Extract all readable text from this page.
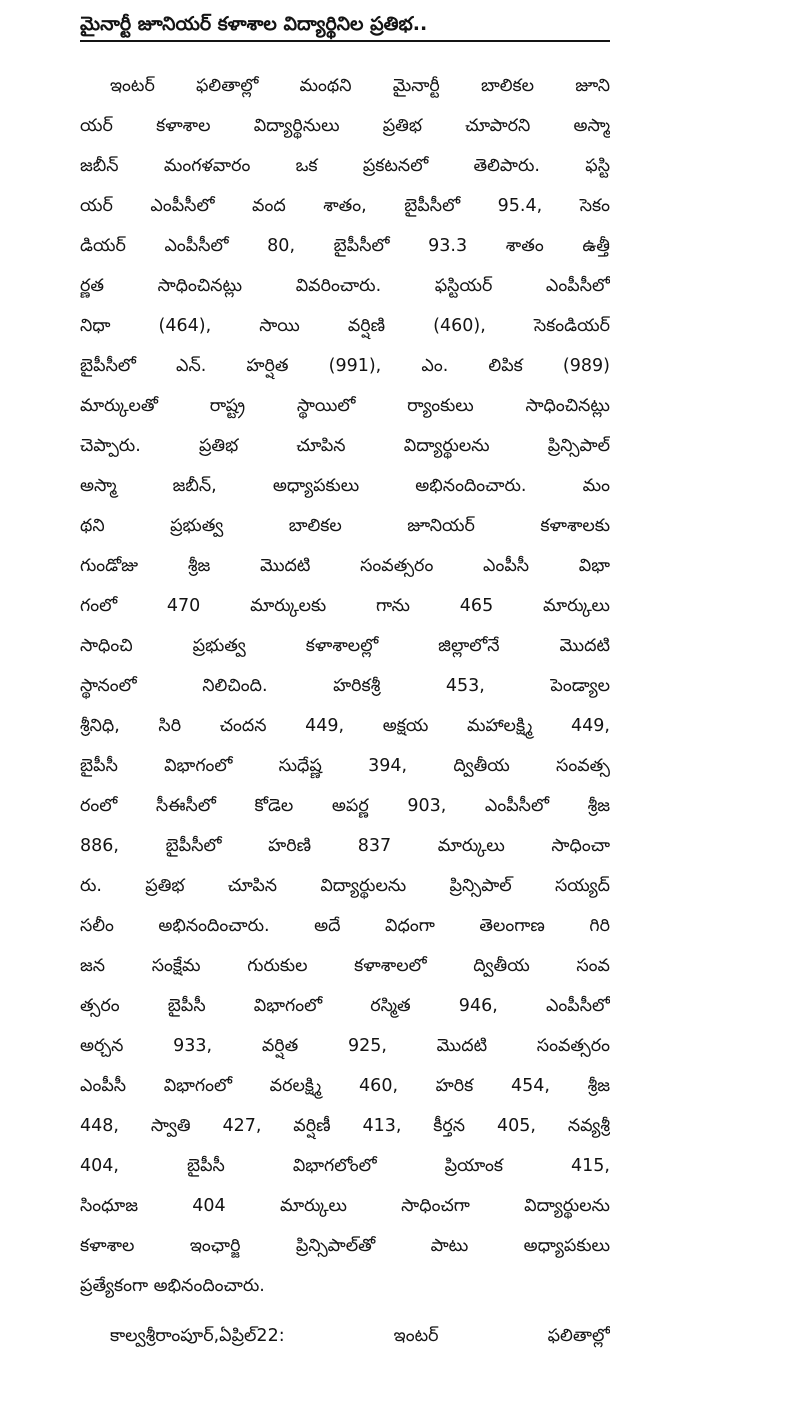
మైనార్టీ జూనియర్ కళాశాల విద్యార్థినిల ప్రతిభ..
ఇంటర్ ఫలితాల్లో మంథని మైనార్టీ బాలికల జూని
యర్ కళాశాల విద్యార్థినులు ప్రతిభ చూపారని అస్మా
జబీన్ మంగళవారం ఒక ప్రకటనలో తెలిపారు. ఫస్టి
యర్ ఎంపీసీలో వంద శాతం, బైపీసీలో 95.4, సెకం
డియర్ ఎంపీసీలో 80, బైపీసీలో 93.3 శాతం ఉత్తీ
ర్ణత సాధించినట్లు వివరించారు. ఫస్టియర్ ఎంపీసీలో
నిధా (464), సాయి వర్షిణి (460), సెకండియర్
బైపీసీలో ఎన్. హర్షిత (991), ఎం. లిపిక (989)
మార్కులతో రాష్ట్ర స్థాయిలో ర్యాంకులు సాధించినట్లు
చెప్పారు. ప్రతిభ చూపిన విద్యార్థులను ప్రిన్సిపాల్
అస్మా జబీన్, అధ్యాపకులు అభినందించారు. మం
థని ప్రభుత్వ బాలికల జూనియర్ కళాశాలకు
గుండోజు శ్రీజ మొదటి సంవత్సరం ఎంపీసీ విభా
గంలో 470 మార్కులకు గాను 465 మార్కులు
సాధించి ప్రభుత్వ కళాశాలల్లో జిల్లాలోనే మొదటి
స్థానంలో నిలిచింది. హరికశ్రీ 453, పెండ్యాల
శ్రీనిధి, సిరి చందన 449, అక్షయ మహాలక్ష్మి 449,
బైపీసీ విభాగంలో సుధేష్ణ 394, ద్వితీయ సంవత్స
రంలో సీఈసీలో కోడెల అపర్ణ 903, ఎంపీసీలో శ్రీజ
886, బైపీసీలో హరిణి 837 మార్కులు సాధించా
రు. ప్రతిభ చూపిన విద్యార్థులను ప్రిన్సిపాల్ సయ్యద్
సలీం అభినందించారు. అదే విధంగా తెలంగాణ గిరి
జన సంక్షేమ గురుకుల కళాశాలలో ద్వితీయ సంవ
త్సరం బైపీసీ విభాగంలో రస్మిత 946, ఎంపీసీలో
అర్చన 933, వర్షిత 925, మొదటి సంవత్సరం
ఎంపీసీ విభాగంలో వరలక్ష్మి 460, హరిక 454, శ్రీజ
448, స్వాతి 427, వర్షిణీ 413, కీర్తన 405, నవ్యశ్రీ
404, బైపీసీ విభాగలోంలో ప్రియాంక 415,
సింధూజ 404 మార్కులు సాధించగా విద్యార్థులను
కళాశాల ఇంఛార్జి ప్రిన్సిపాల్‌తో పాటు అధ్యాపకులు
ప్రత్యేకంగా అభినందించారు.
కాల్వశ్రీరాంపూర్,ఏప్రిల్22: ఇంటర్ ఫలితాల్లో
